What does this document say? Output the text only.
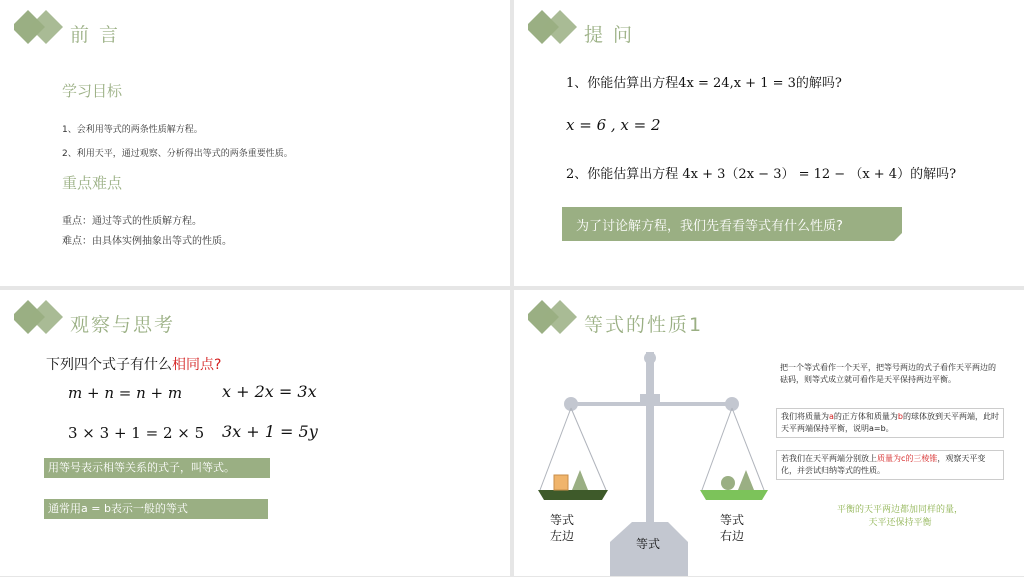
前 言
学习目标
1、会利用等式的两条性质解方程。
2、利用天平，通过观察、分析得出等式的两条重要性质。
重点难点
重点：通过等式的性质解方程。
难点：由具体实例抽象出等式的性质。
提 问
1、你能估算出方程4x = 24,x + 1 = 3的解吗?
x = 6 , x = 2
2、你能估算出方程 4x + 3（2x − 3） = 12 − （x + 4）的解吗?
为了讨论解方程，我们先看看等式有什么性质?
观察与思考
下列四个式子有什么相同点?
m + n = n + m x + 2x = 3x
3 × 3 + 1 = 2 × 5 3x + 1 = 5y
用等号表示相等关系的式子，叫等式。
通常用a = b表示一般的等式
等式的性质1
等式
左边
等式
右边
等式
把一个等式看作一个天平，把等号两边的式子看作天平两边的砝码，则等式成立就可看作是天平保持两边平衡。
我们将质量为a的正方体和质量为b的球体放到天平两端，此时天平两端保持平衡，说明a=b。
若我们在天平两端分别放上质量为c的三棱锥，观察天平变化，并尝试归纳等式的性质。
平衡的天平两边都加同样的量，
天平还保持平衡
